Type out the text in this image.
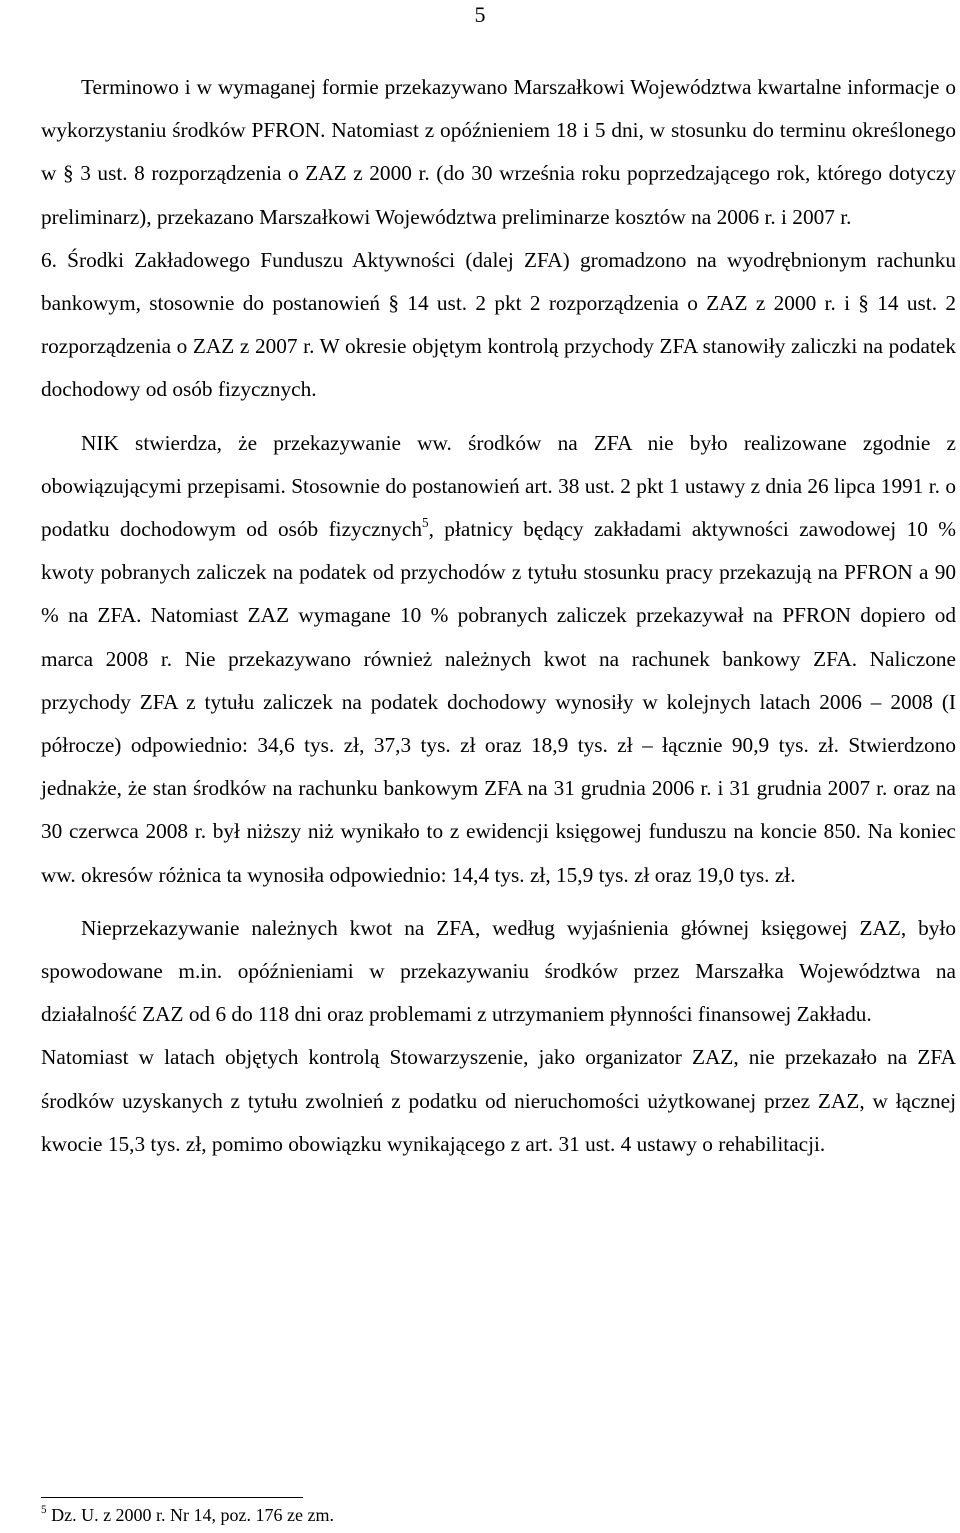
5

Terminowo i w wymaganej formie przekazywano Marszałkowi Województwa kwartalne informacje o wykorzystaniu środków PFRON. Natomiast z opóźnieniem 18 i 5 dni, w stosunku do terminu określonego w § 3 ust. 8 rozporządzenia o ZAZ z 2000 r. (do 30 września roku poprzedzającego rok, którego dotyczy preliminarz), przekazano Marszałkowi Województwa preliminarze kosztów na 2006 r. i 2007 r.

6. Środki Zakładowego Funduszu Aktywności (dalej ZFA) gromadzono na wyodrębnionym rachunku bankowym, stosownie do postanowień § 14 ust. 2 pkt 2 rozporządzenia o ZAZ z 2000 r. i § 14 ust. 2 rozporządzenia o ZAZ z 2007 r. W okresie objętym kontrolą przychody ZFA stanowiły zaliczki na podatek dochodowy od osób fizycznych.

NIK stwierdza, że przekazywanie ww. środków na ZFA nie było realizowane zgodnie z obowiązującymi przepisami. Stosownie do postanowień art. 38 ust. 2 pkt 1 ustawy z dnia 26 lipca 1991 r. o podatku dochodowym od osób fizycznych$^5$, płatnicy będący zakładami aktywności zawodowej 10 % kwoty pobranych zaliczek na podatek od przychodów z tytułu stosunku pracy przekazują na PFRON a 90 % na ZFA. Natomiast ZAZ wymagane 10 % pobranych zaliczek przekazywał na PFRON dopiero od marca 2008 r. Nie przekazywano również należnych kwot na rachunek bankowy ZFA. Naliczone przychody ZFA z tytułu zaliczek na podatek dochodowy wynosiły w kolejnych latach 2006 – 2008 (I półrocze) odpowiednio: 34,6 tys. zł, 37,3 tys. zł oraz 18,9 tys. zł – łącznie 90,9 tys. zł. Stwierdzono jednakże, że stan środków na rachunku bankowym ZFA na 31 grudnia 2006 r. i 31 grudnia 2007 r. oraz na 30 czerwca 2008 r. był niższy niż wynikało to z ewidencji księgowej funduszu na koncie 850. Na koniec ww. okresów różnica ta wynosiła odpowiednio: 14,4 tys. zł, 15,9 tys. zł oraz 19,0 tys. zł.

Nieprzekazywanie należnych kwot na ZFA, według wyjaśnienia głównej księgowej ZAZ, było spowodowane m.in. opóźnieniami w przekazywaniu środków przez Marszałka Województwa na działalność ZAZ od 6 do 118 dni oraz problemami z utrzymaniem płynności finansowej Zakładu.

Natomiast w latach objętych kontrolą Stowarzyszenie, jako organizator ZAZ, nie przekazało na ZFA środków uzyskanych z tytułu zwolnień z podatku od nieruchomości użytkowanej przez ZAZ, w łącznej kwocie 15,3 tys. zł, pomimo obowiązku wynikającego z art. 31 ust. 4 ustawy o rehabilitacji.

$^5$ Dz. U. z 2000 r. Nr 14, poz. 176 ze zm.
